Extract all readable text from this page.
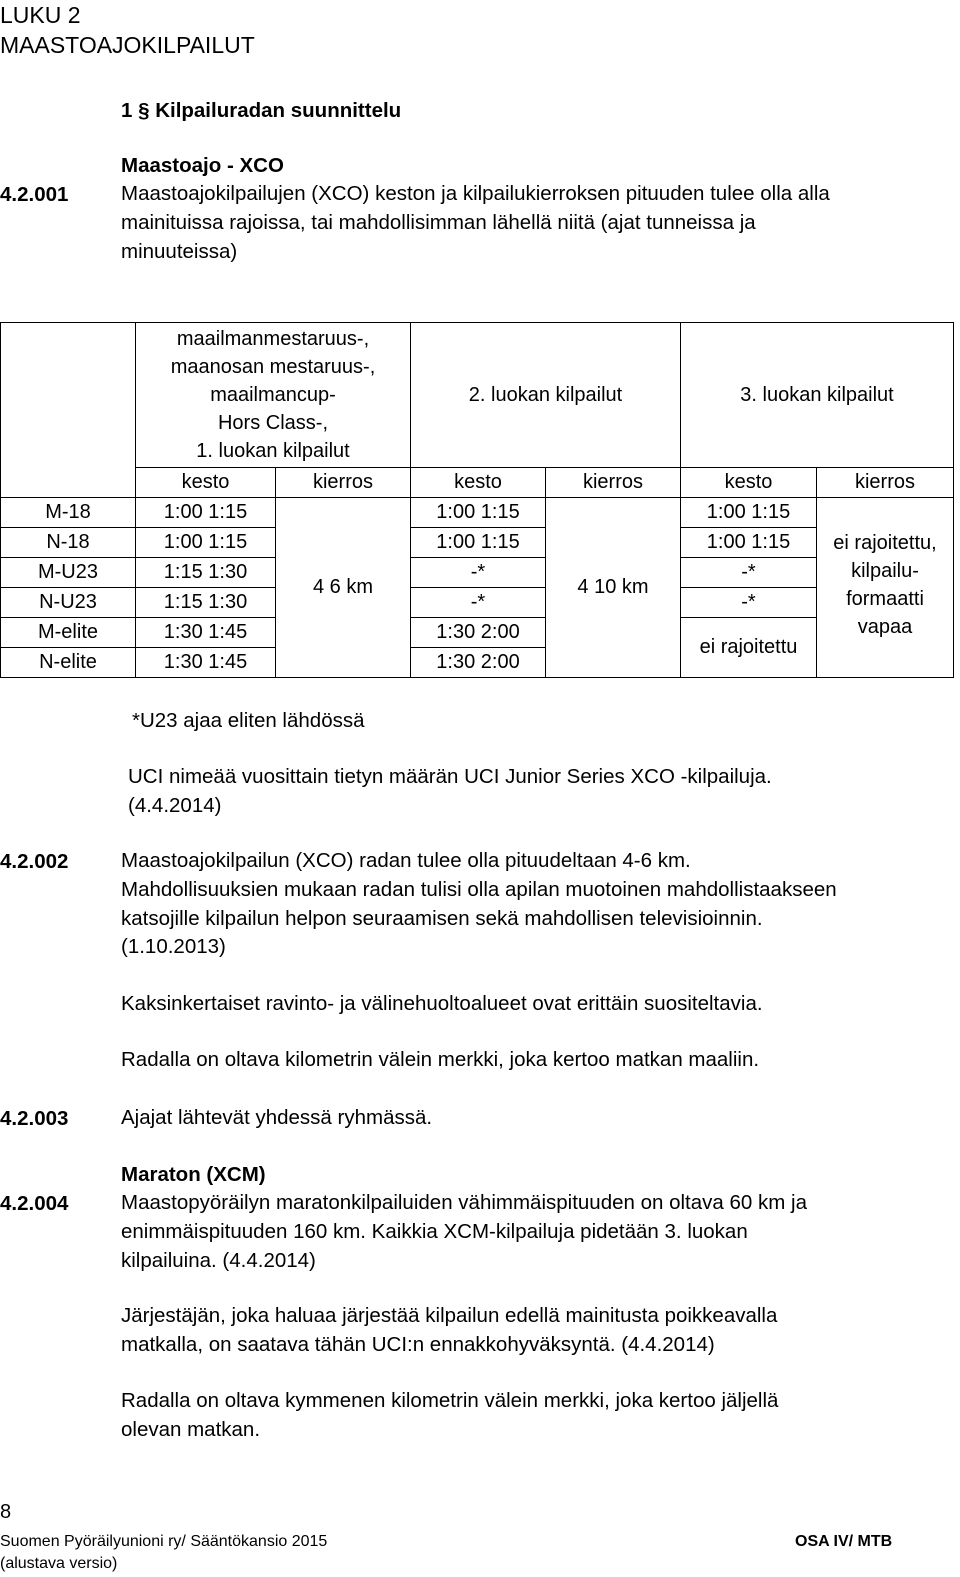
LUKU 2
MAASTOAJOKILPAILUT
1 § Kilpailuradan suunnittelu
Maastoajo - XCO
4.2.001	Maastoajokilpailujen (XCO) keston ja kilpailukierroksen pituuden tulee olla alla
mainituissa rajoissa, tai mahdollisimman lähellä niitä (ajat tunneissa ja
minuuteissa)

	maailmanmestaruus-,
maanosan mestaruus-,
maailmancup-
Hors Class-,
1. luokan kilpailut		2. luokan kilpailut		3. luokan kilpailut	
	kesto	kierros	kesto	kierros	kesto	kierros
M-18	1:00 1:15	4 6 km	1:00 1:15	4 10 km	1:00 1:15	ei rajoitettu,
kilpailu-
formaatti
vapaa

N-18	1:00 1:15		1:00 1:15		1:00 1:15	
M-U23	1:15 1:30		-*		-*	
N-U23	1:15 1:30		-*		-*	
M-elite	1:30 1:45		1:30 2:00		ei rajoitettu	
N-elite	1:30 1:45		1:30 2:00			
*U23 ajaa eliten lähdössä
UCI nimeää vuosittain tietyn määrän UCI Junior Series XCO -kilpailuja.
(4.4.2014)
4.2.002	Maastoajokilpailun (XCO) radan tulee olla pituudeltaan 4-6 km.
Mahdollisuuksien mukaan radan tulisi olla apilan muotoinen mahdollistaakseen
katsojille kilpailun helpon seuraamisen sekä mahdollisen televisioinnin.
(1.10.2013)
Kaksinkertaiset ravinto- ja välinehuoltoalueet ovat erittäin suositeltavia.
Radalla on oltava kilometrin välein merkki, joka kertoo matkan maaliin.
4.2.003	Ajajat lähtevät yhdessä ryhmässä.
Maraton (XCM)
4.2.004	Maastopyöräilyn maratonkilpailuiden vähimmäispituuden on oltava 60 km ja
enimmäispituuden 160 km. Kaikkia XCM-kilpailuja pidetään 3. luokan
kilpailuina. (4.4.2014)
Järjestäjän, joka haluaa järjestää kilpailun edellä mainitusta poikkeavalla
matkalla, on saatava tähän UCI:n ennakkohyväksyntä. (4.4.2014)
Radalla on oltava kymmenen kilometrin välein merkki, joka kertoo jäljellä
olevan matkan.
8
Suomen Pyöräilyunioni ry/ Sääntökansio 2015
(alustava versio)
OSA IV/ MTB
